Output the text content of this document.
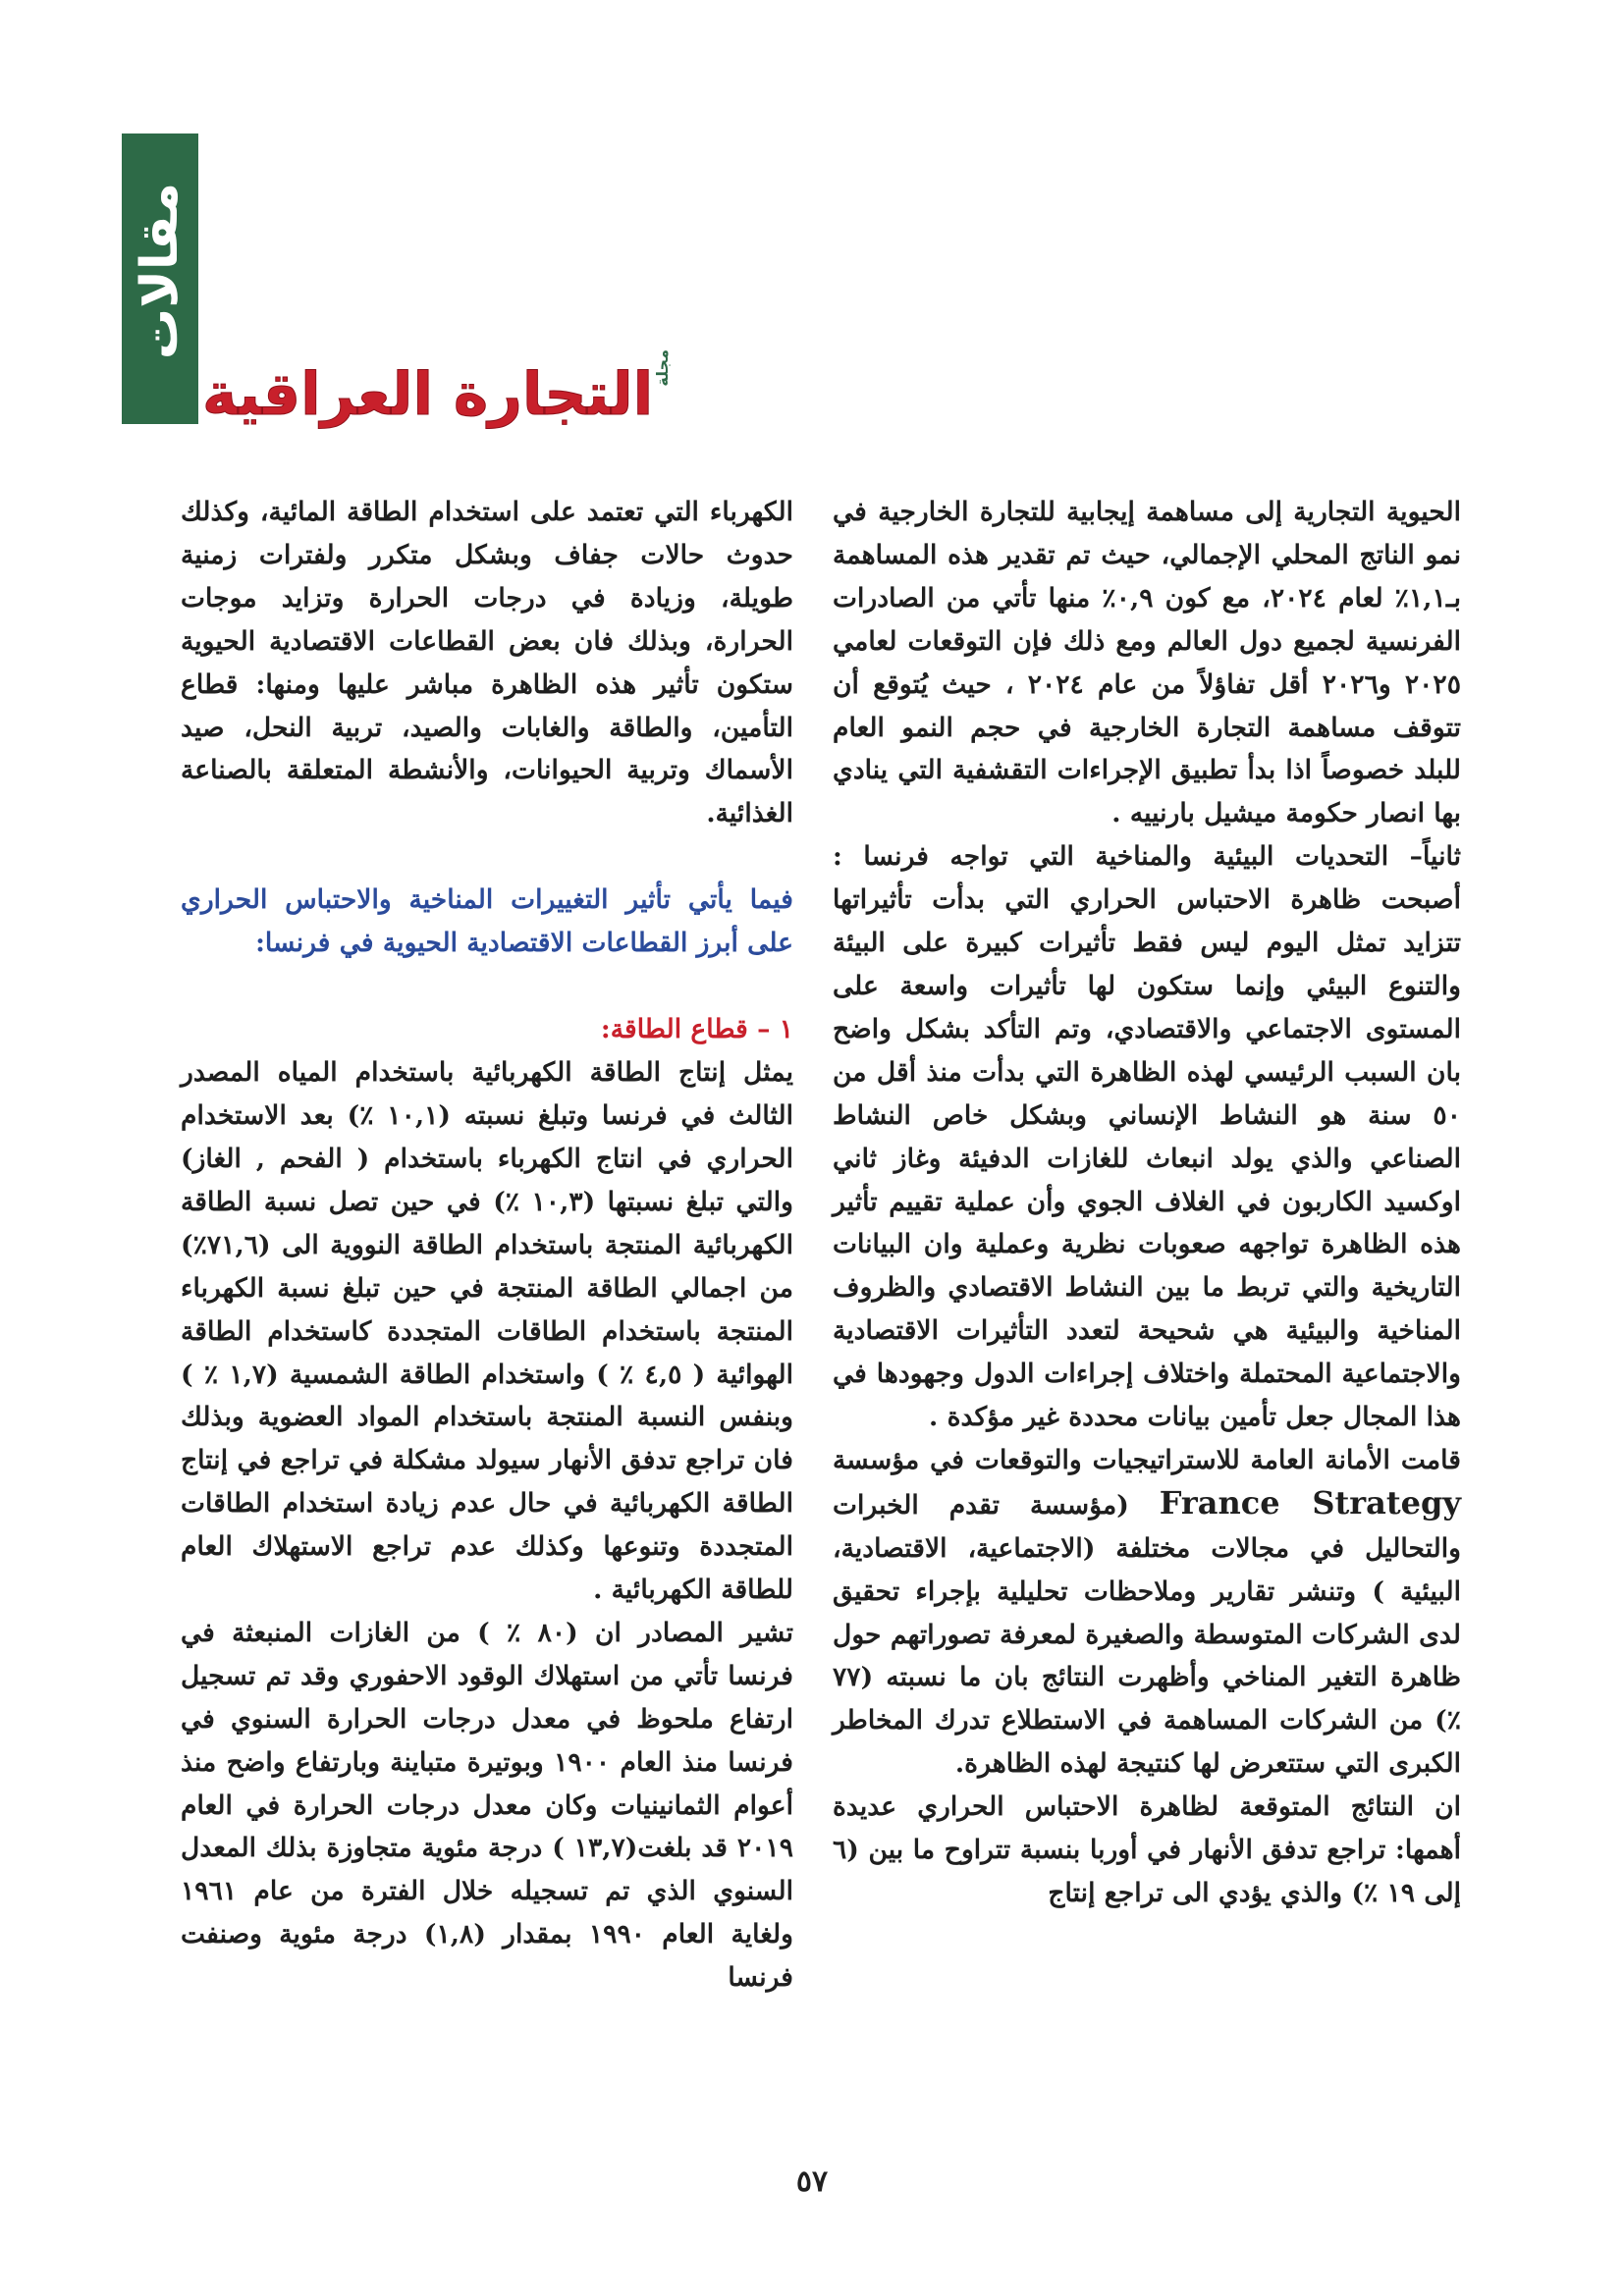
مقالات
مجلة
التجارة العراقية

الحيوية التجارية إلى مساهمة إيجابية للتجارة الخارجية في نمو الناتج المحلي الإجمالي، حيث تم تقدير هذه المساهمة بـ١,١٪ لعام ٢٠٢٤، مع كون ٠,٩٪ منها تأتي من الصادرات الفرنسية لجميع دول العالم ومع ذلك فإن التوقعات لعامي ٢٠٢٥ و٢٠٢٦ أقل تفاؤلاً من عام ٢٠٢٤ ، حيث يُتوقع أن تتوقف مساهمة التجارة الخارجية في حجم النمو العام للبلد خصوصاً اذا بدأ تطبيق الإجراءات التقشفية التي ينادي بها انصار حكومة ميشيل بارنييه .

ثانياً– التحديات البيئية والمناخية التي تواجه فرنسا : أصبحت ظاهرة الاحتباس الحراري التي بدأت تأثيراتها تتزايد تمثل اليوم ليس فقط تأثيرات كبيرة على البيئة والتنوع البيئي وإنما ستكون لها تأثيرات واسعة على المستوى الاجتماعي والاقتصادي، وتم التأكد بشكل واضح بان السبب الرئيسي لهذه الظاهرة التي بدأت منذ أقل من ٥٠ سنة هو النشاط الإنساني وبشكل خاص النشاط الصناعي والذي يولد انبعاث للغازات الدفيئة وغاز ثاني اوكسيد الكاربون في الغلاف الجوي وأن عملية تقييم تأثير هذه الظاهرة تواجهه صعوبات نظرية وعملية وان البيانات التاريخية والتي تربط ما بين النشاط الاقتصادي والظروف المناخية والبيئية هي شحيحة لتعدد التأثيرات الاقتصادية والاجتماعية المحتملة واختلاف إجراءات الدول وجهودها في هذا المجال جعل تأمين بيانات محددة غير مؤكدة .

قامت الأمانة العامة للاستراتيجيات والتوقعات في مؤسسة France Strategy (مؤسسة تقدم الخبرات والتحاليل في مجالات مختلفة (الاجتماعية، الاقتصادية، البيئية ) وتنشر تقارير وملاحظات تحليلية بإجراء تحقيق لدى الشركات المتوسطة والصغيرة لمعرفة تصوراتهم حول ظاهرة التغير المناخي وأظهرت النتائج بان ما نسبته (٧٧ ٪) من الشركات المساهمة في الاستطلاع تدرك المخاطر الكبرى التي ستتعرض لها كنتيجة لهذه الظاهرة.

ان النتائج المتوقعة لظاهرة الاحتباس الحراري عديدة أهمها: تراجع تدفق الأنهار في أوربا بنسبة تتراوح ما بين (٦ إلى ١٩ ٪) والذي يؤدي الى تراجع إنتاج

الكهرباء التي تعتمد على استخدام الطاقة المائية، وكذلك حدوث حالات جفاف وبشكل متكرر ولفترات زمنية طويلة، وزيادة في درجات الحرارة وتزايد موجات الحرارة، وبذلك فان بعض القطاعات الاقتصادية الحيوية ستكون تأثير هذه الظاهرة مباشر عليها ومنها: قطاع التأمين، والطاقة والغابات والصيد، تربية النحل، صيد الأسماك وتربية الحيوانات، والأنشطة المتعلقة بالصناعة الغذائية.

فيما يأتي تأثير التغييرات المناخية والاحتباس الحراري على أبرز القطاعات الاقتصادية الحيوية في فرنسا:

١ – قطاع الطاقة:

يمثل إنتاج الطاقة الكهربائية باستخدام المياه المصدر الثالث في فرنسا وتبلغ نسبته (١٠,١ ٪) بعد الاستخدام الحراري في انتاج الكهرباء باستخدام ( الفحم , الغاز) والتي تبلغ نسبتها (١٠,٣ ٪) في حين تصل نسبة الطاقة الكهربائية المنتجة باستخدام الطاقة النووية الى (٧١,٦٪) من اجمالي الطاقة المنتجة في حين تبلغ نسبة الكهرباء المنتجة باستخدام الطاقات المتجددة كاستخدام الطاقة الهوائية ( ٤,٥ ٪ ) واستخدام الطاقة الشمسية (١,٧ ٪ ) وبنفس النسبة المنتجة باستخدام المواد العضوية وبذلك فان تراجع تدفق الأنهار سيولد مشكلة في تراجع في إنتاج الطاقة الكهربائية في حال عدم زيادة استخدام الطاقات المتجددة وتنوعها وكذلك عدم تراجع الاستهلاك العام للطاقة الكهربائية .

تشير المصادر ان (٨٠ ٪ ) من الغازات المنبعثة في فرنسا تأتي من استهلاك الوقود الاحفوري وقد تم تسجيل ارتفاع ملحوظ في معدل درجات الحرارة السنوي في فرنسا منذ العام ١٩٠٠ وبوتيرة متباينة وبارتفاع واضح منذ أعوام الثمانينيات وكان معدل درجات الحرارة في العام ٢٠١٩ قد بلغت(١٣,٧ ) درجة مئوية متجاوزة بذلك المعدل السنوي الذي تم تسجيله خلال الفترة من عام ١٩٦١ ولغاية العام ١٩٩٠ بمقدار (١,٨) درجة مئوية وصنفت فرنسا

٥٧
